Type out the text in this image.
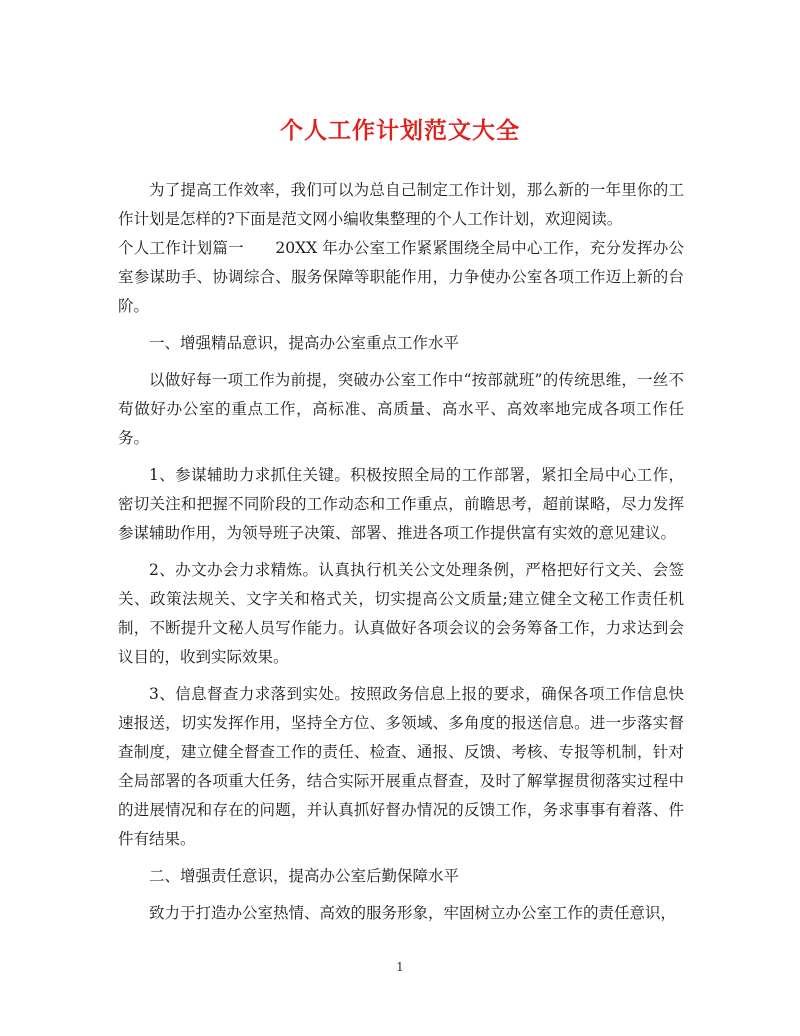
个人工作计划范文大全

为了提高工作效率，我们可以为总自己制定工作计划，那么新的一年里你的工作计划是怎样的?下面是范文网小编收集整理的个人工作计划，欢迎阅读。

个人工作计划篇一　　20XX 年办公室工作紧紧围绕全局中心工作，充分发挥办公室参谋助手、协调综合、服务保障等职能作用，力争使办公室各项工作迈上新的台阶。

一、增强精品意识，提高办公室重点工作水平

以做好每一项工作为前提，突破办公室工作中“按部就班”的传统思维，一丝不苟做好办公室的重点工作，高标准、高质量、高水平、高效率地完成各项工作任务。

1、参谋辅助力求抓住关键。积极按照全局的工作部署，紧扣全局中心工作，密切关注和把握不同阶段的工作动态和工作重点，前瞻思考，超前谋略，尽力发挥参谋辅助作用，为领导班子决策、部署、推进各项工作提供富有实效的意见建议。

2、办文办会力求精炼。认真执行机关公文处理条例，严格把好行文关、会签关、政策法规关、文字关和格式关，切实提高公文质量;建立健全文秘工作责任机制，不断提升文秘人员写作能力。认真做好各项会议的会务筹备工作，力求达到会议目的，收到实际效果。

3、信息督查力求落到实处。按照政务信息上报的要求，确保各项工作信息快速报送，切实发挥作用，坚持全方位、多领域、多角度的报送信息。进一步落实督查制度，建立健全督查工作的责任、检查、通报、反馈、考核、专报等机制，针对全局部署的各项重大任务，结合实际开展重点督查，及时了解掌握贯彻落实过程中的进展情况和存在的问题，并认真抓好督办情况的反馈工作，务求事事有着落、件件有结果。

二、增强责任意识，提高办公室后勤保障水平

致力于打造办公室热情、高效的服务形象，牢固树立办公室工作的责任意识，

1
